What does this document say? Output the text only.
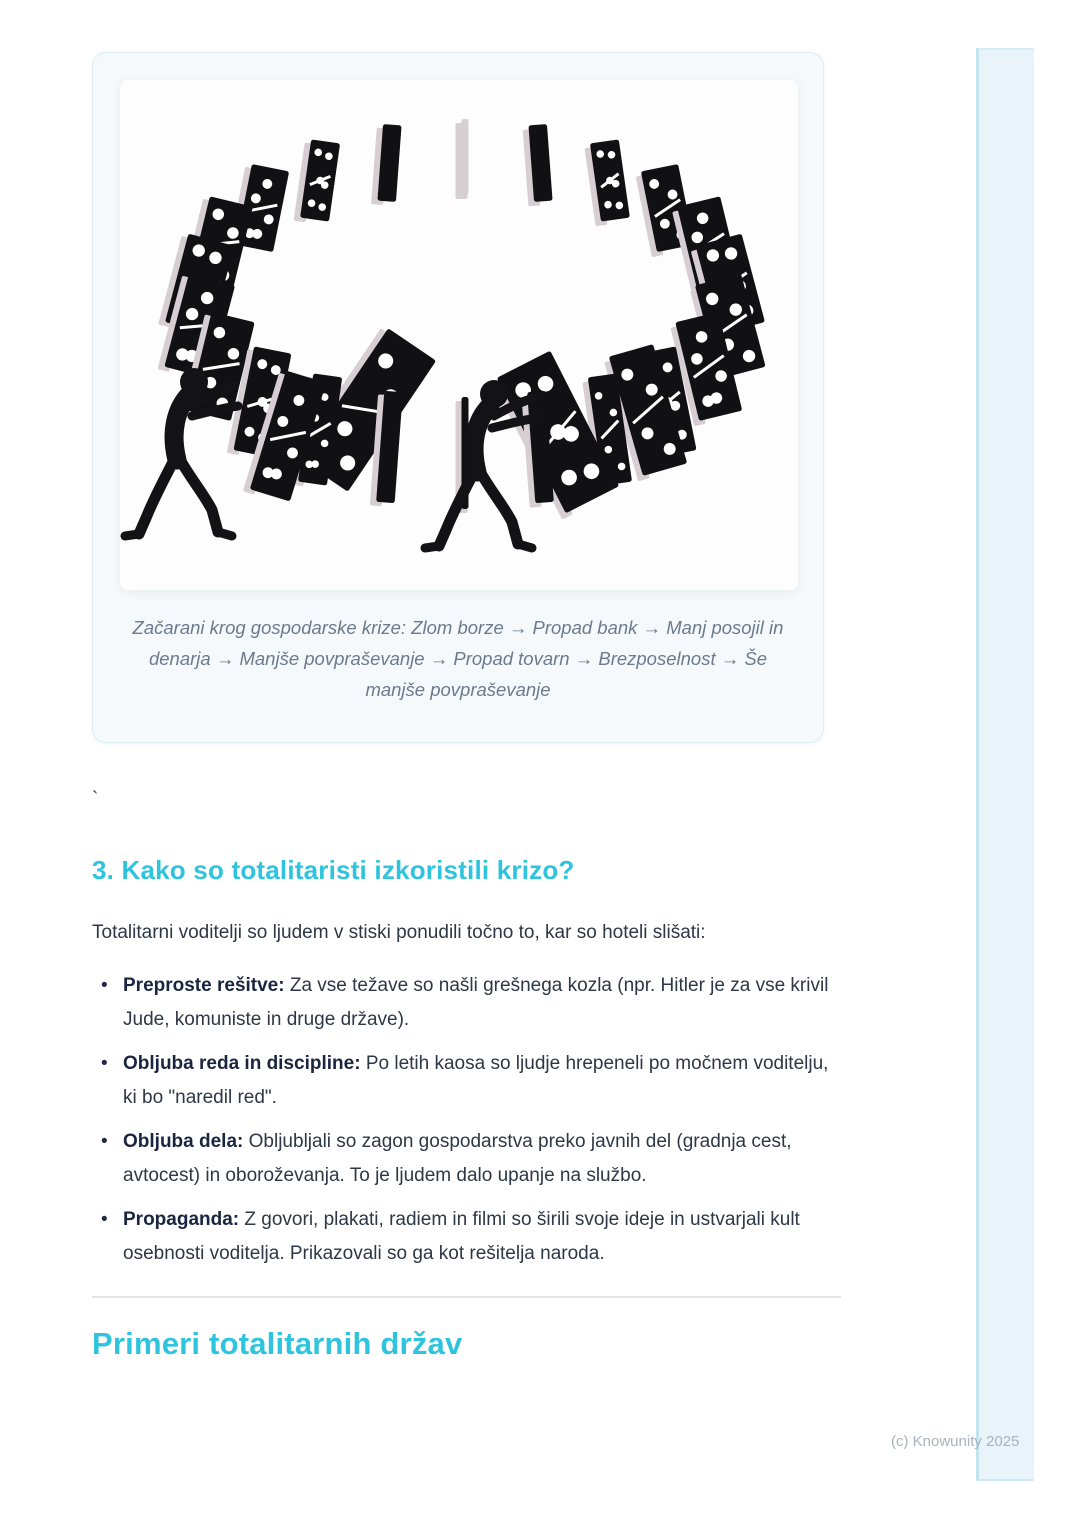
Začarani krog gospodarske krize: Zlom borze → Propad bank → Manj posojil in denarja → Manjše povpraševanje → Propad tovarn → Brezposelnost → Še manjše povpraševanje

`
3. Kako so totalitaristi izkoristili krizo?

Totalitarni voditelji so ljudem v stiski ponudili točno to, kar so hoteli slišati:

• Preproste rešitve: Za vse težave so našli grešnega kozla (npr. Hitler je za vse krivil Jude, komuniste in druge države).
• Obljuba reda in discipline: Po letih kaosa so ljudje hrepeneli po močnem voditelju, ki bo "naredil red".
• Obljuba dela: Obljubljali so zagon gospodarstva preko javnih del (gradnja cest, avtocest) in oboroževanja. To je ljudem dalo upanje na službo.
• Propaganda: Z govori, plakati, radiem in filmi so širili svoje ideje in ustvarjali kult osebnosti voditelja. Prikazovali so ga kot rešitelja naroda.
Primeri totalitarnih držav
(c) Knowunity 2025
